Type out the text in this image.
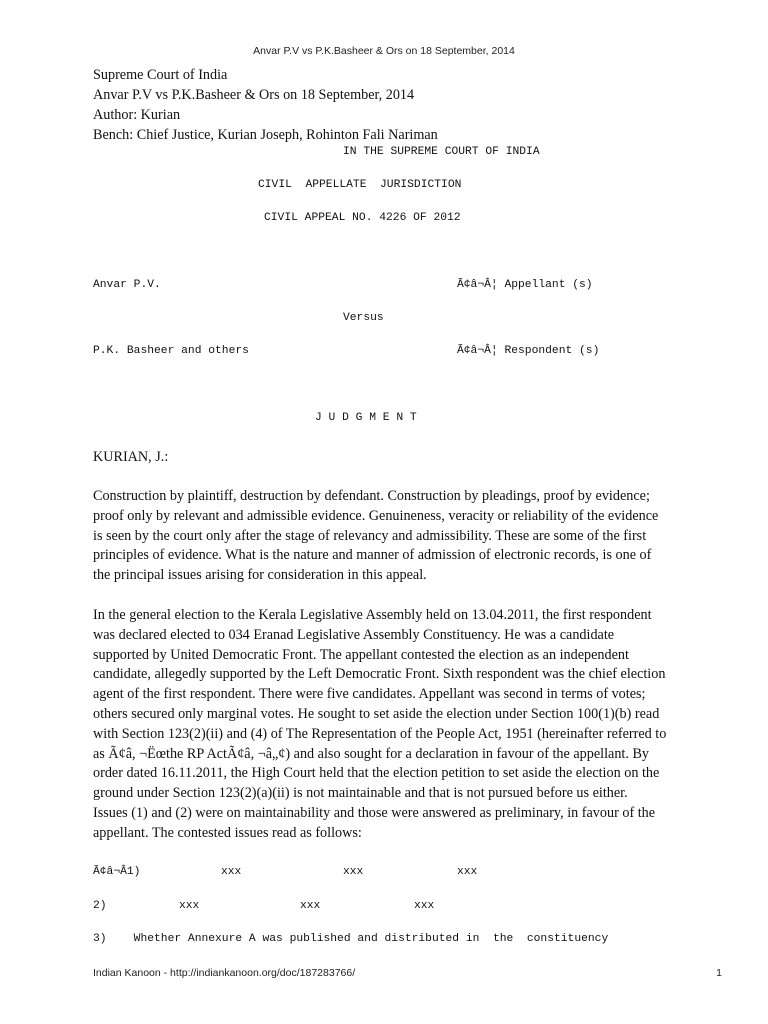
Anvar P.V vs P.K.Basheer & Ors on 18 September, 2014
Supreme Court of India
Anvar P.V vs P.K.Basheer & Ors on 18 September, 2014
Author: Kurian
Bench: Chief Justice, Kurian Joseph, Rohinton Fali Nariman
IN THE SUPREME COURT OF INDIA
CIVIL  APPELLATE  JURISDICTION
CIVIL APPEAL NO. 4226 OF 2012
Anvar P.V.	Ã¢â¬Â¦ Appellant (s)
Versus
P.K. Basheer and others	Ã¢â¬Â¦ Respondent (s)
J U D G M E N T
KURIAN, J.:
Construction by plaintiff, destruction by defendant. Construction by pleadings, proof by evidence;
proof only by relevant and admissible evidence. Genuineness, veracity or reliability of the evidence
is seen by the court only after the stage of relevancy and admissibility. These are some of the first
principles of evidence. What is the nature and manner of admission of electronic records, is one of
the principal issues arising for consideration in this appeal.
In the general election to the Kerala Legislative Assembly held on 13.04.2011, the first respondent
was declared elected to 034 Eranad Legislative Assembly Constituency. He was a candidate
supported by United Democratic Front. The appellant contested the election as an independent
candidate, allegedly supported by the Left Democratic Front. Sixth respondent was the chief election
agent of the first respondent. There were five candidates. Appellant was second in terms of votes;
others secured only marginal votes. He sought to set aside the election under Section 100(1)(b) read
with Section 123(2)(ii) and (4) of The Representation of the People Act, 1951 (hereinafter referred to
as Ã¢â, ¬Ëœthe RP ActÃ¢â, ¬â„¢) and also sought for a declaration in favour of the appellant. By
order dated 16.11.2011, the High Court held that the election petition to set aside the election on the
ground under Section 123(2)(a)(ii) is not maintainable and that is not pursued before us either.
Issues (1) and (2) were on maintainability and those were answered as preliminary, in favour of the
appellant. The contested issues read as follows:
Ã¢â¬Â1)	xxx	xxx	xxx
2)	xxx	xxx	xxx
3)    Whether Annexure A was published and distributed in  the  constituency
Indian Kanoon - http://indiankanoon.org/doc/187283766/	1
